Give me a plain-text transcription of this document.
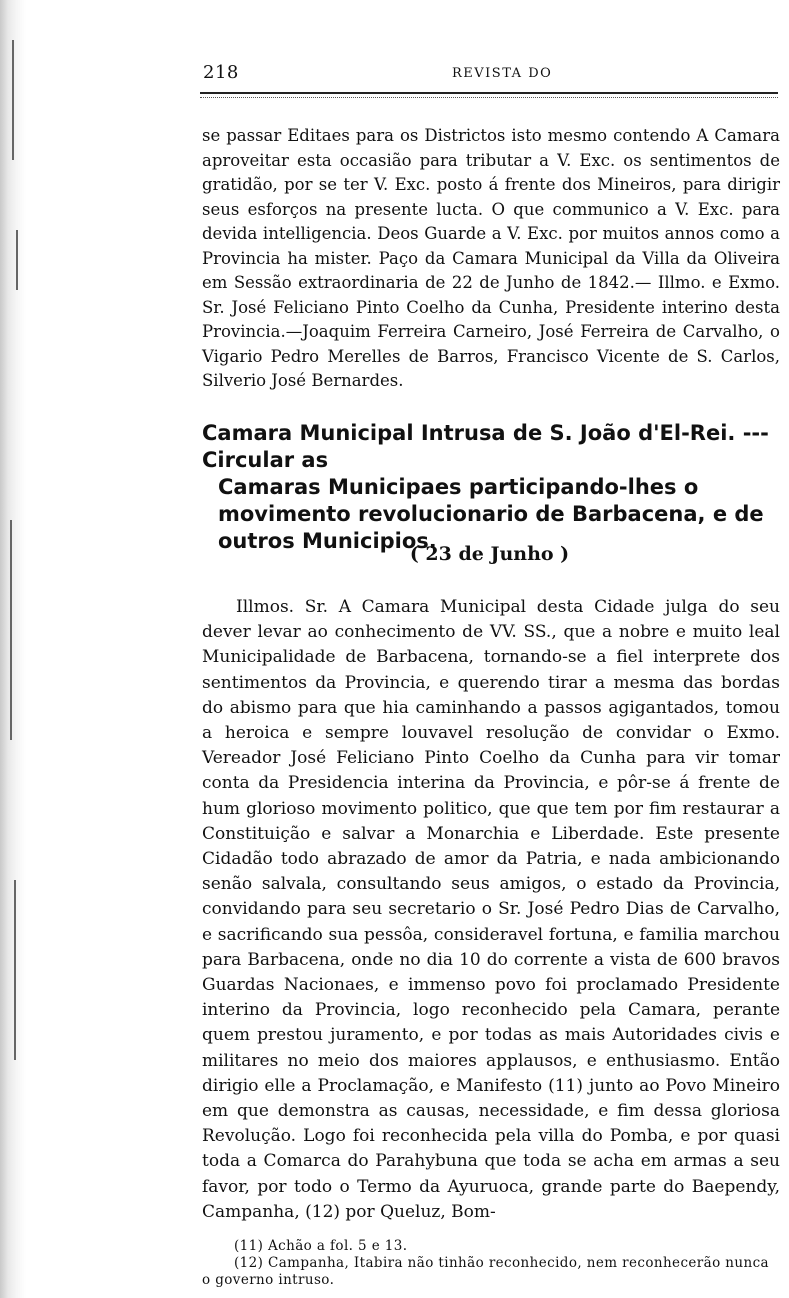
218	REVISTA DO

se passar Editaes para os Districtos isto mesmo contendo A Camara aproveitar esta occasião para tributar a V. Exc. os sentimentos de gratidão, por se ter V. Exc. posto á frente dos Mineiros, para dirigir seus esforços na presente lucta. O que communico a V. Exc. para devida intelligencia. Deos Guarde a V. Exc. por muitos annos como a Provincia ha mister. Paço da Camara Municipal da Villa da Oliveira em Sessão extraordinaria de 22 de Junho de 1842.— Illmo. e Exmo. Sr. José Feliciano Pinto Coelho da Cunha, Presidente interino desta Provincia.—Joaquim Ferreira Carneiro, José Ferreira de Carvalho, o Vigario Pedro Merelles de Barros, Francisco Vicente de S. Carlos, Silverio José Bernardes.

Camara Municipal Intrusa de S. João d'El-Rei. --- Circular as
Camaras Municipaes participando-lhes o movimento revolucionario de Barbacena, e de outros Municipios.
( 23 de Junho )

Illmos. Sr. A Camara Municipal desta Cidade julga do seu dever levar ao conhecimento de VV. SS., que a nobre e muito leal Municipalidade de Barbacena, tornando-se a fiel interprete dos sentimentos da Provincia, e querendo tirar a mesma das bordas do abismo para que hia caminhando a passos agigantados, tomou a heroica e sempre louvavel resolução de convidar o Exmo. Vereador José Feliciano Pinto Coelho da Cunha para vir tomar conta da Presidencia interina da Provincia, e pôr-se á frente de hum glorioso movimento politico, que que tem por fim restaurar a Constituição e salvar a Monarchia e Liberdade. Este presente Cidadão todo abrazado de amor da Patria, e nada ambicionando senão salvala, consultando seus amigos, o estado da Provincia, convidando para seu secretario o Sr. José Pedro Dias de Carvalho, e sacrificando sua pessôa, consideravel fortuna, e familia marchou para Barbacena, onde no dia 10 do corrente a vista de 600 bravos Guardas Nacionaes, e immenso povo foi proclamado Presidente interino da Provincia, logo reconhecido pela Camara, perante quem prestou juramento, e por todas as mais Autoridades civis e militares no meio dos maiores applausos, e enthusiasmo. Então dirigio elle a Proclamação, e Manifesto (11) junto ao Povo Mineiro em que demonstra as causas, necessidade, e fim dessa gloriosa Revolução. Logo foi reconhecida pela villa do Pomba, e por quasi toda a Comarca do Parahybuna que toda se acha em armas a seu favor, por todo o Termo da Ayuruoca, grande parte do Baependy, Campanha, (12) por Queluz, Bom-

(11) Achão a fol. 5 e 13.

(12) Campanha, Itabira não tinhão reconhecido, nem reconhecerão nunca o governo intruso.
